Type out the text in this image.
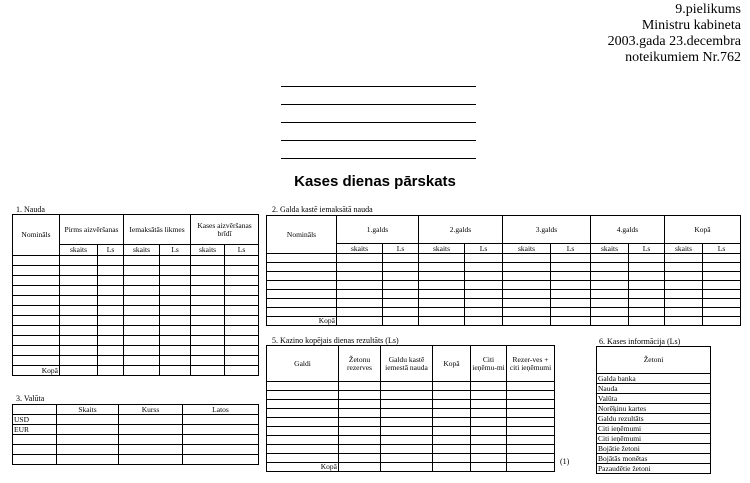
9.pielikums
Ministru kabineta
2003.gada 23.decembra
noteikumiem Nr.762
Kases dienas pārskats
1. Nauda
Nomināls	Pirms aizvēršanas		Iemaksātās likmes		Kases aizvēršanas brīdī	
	skaits	Ls	skaits	Ls	skaits	Ls

Kopā						
3. Valūta
	Skaits	Kurss	Latos
USD			
EUR			

2. Galda kastē iemaksātā nauda
Nomināls	1.galds		2.galds		3.galds		4.galds		Kopā	
	skaits	Ls	skaits	Ls	skaits	Ls	skaits	Ls	skaits	Ls

Kopā										
5. Kazino kopējais dienas rezultāts (Ls)
Galdi	Žetonu rezerves	Galdu kastē iemestā nauda	Kopā	Citi ieņēmu-mi	Rezer-ves + citi ieņēmumi

Kopā					
(1)
6. Kases informācija (Ls)
Žetoni
Galda banka
Nauda
Valūta
Norēķinu kartes
Galdu rezultāts
Citi ieņēmumi
Citi ieņēmumi
Bojātie žetoni
Bojātās monētas
Pazaudētie žetoni
